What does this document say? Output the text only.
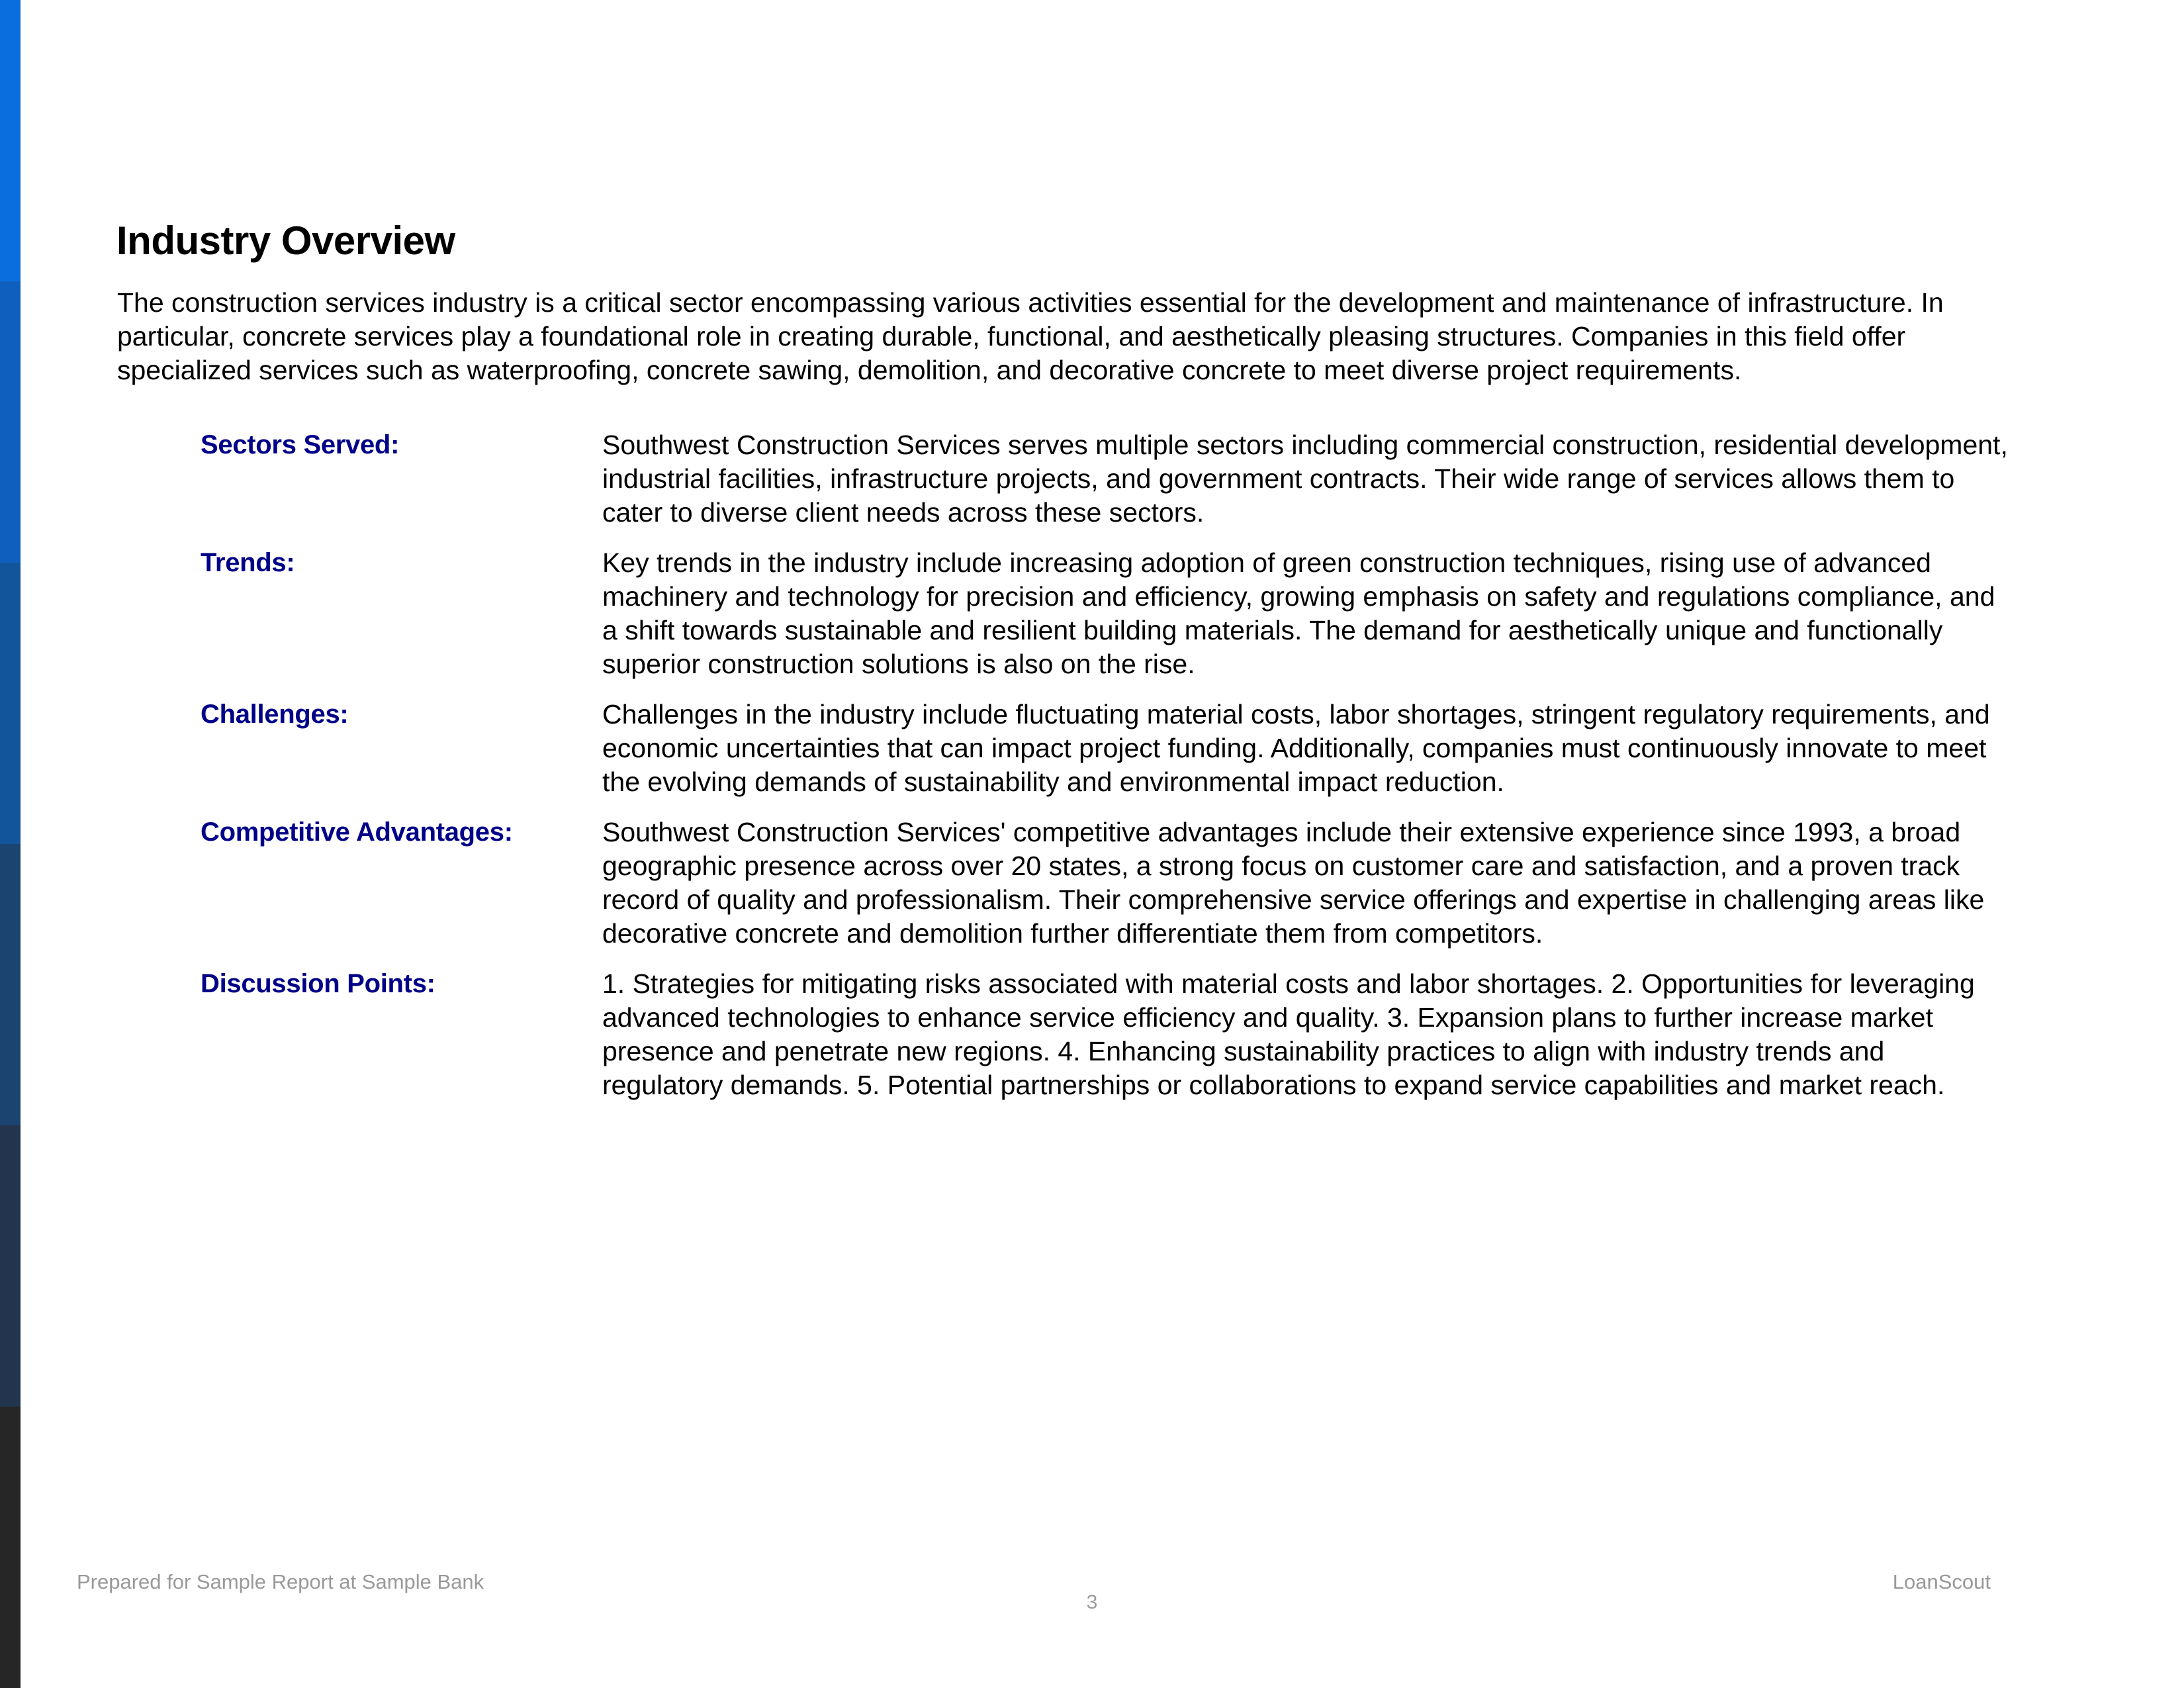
Industry Overview

The construction services industry is a critical sector encompassing various activities essential for the development and maintenance of infrastructure. In particular, concrete services play a foundational role in creating durable, functional, and aesthetically pleasing structures. Companies in this field offer specialized services such as waterproofing, concrete sawing, demolition, and decorative concrete to meet diverse project requirements.

Sectors Served:	Southwest Construction Services serves multiple sectors including commercial construction, residential development, industrial facilities, infrastructure projects, and government contracts. Their wide range of services allows them to cater to diverse client needs across these sectors.
Trends:	Key trends in the industry include increasing adoption of green construction techniques, rising use of advanced machinery and technology for precision and efficiency, growing emphasis on safety and regulations compliance, and a shift towards sustainable and resilient building materials. The demand for aesthetically unique and functionally superior construction solutions is also on the rise.
Challenges:	Challenges in the industry include fluctuating material costs, labor shortages, stringent regulatory requirements, and economic uncertainties that can impact project funding. Additionally, companies must continuously innovate to meet the evolving demands of sustainability and environmental impact reduction.
Competitive Advantages:	Southwest Construction Services' competitive advantages include their extensive experience since 1993, a broad geographic presence across over 20 states, a strong focus on customer care and satisfaction, and a proven track record of quality and professionalism. Their comprehensive service offerings and expertise in challenging areas like decorative concrete and demolition further differentiate them from competitors.
Discussion Points:	1. Strategies for mitigating risks associated with material costs and labor shortages. 2. Opportunities for leveraging advanced technologies to enhance service efficiency and quality. 3. Expansion plans to further increase market presence and penetrate new regions. 4. Enhancing sustainability practices to align with industry trends and regulatory demands. 5. Potential partnerships or collaborations to expand service capabilities and market reach.
Prepared for Sample Report at Sample Bank
3
LoanScout
